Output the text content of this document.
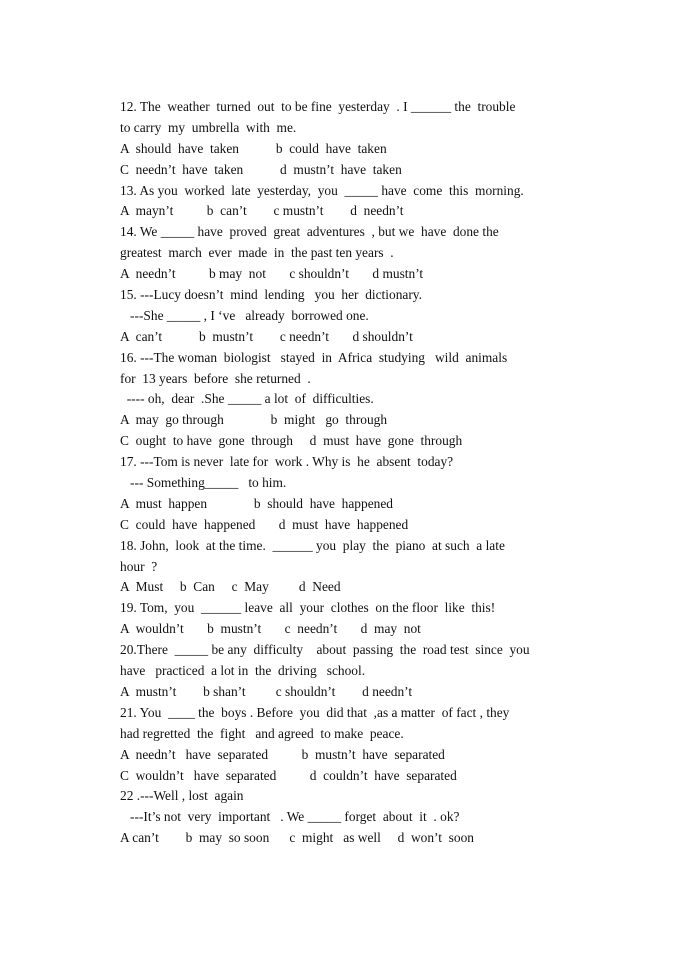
12. The  weather  turned  out  to be fine  yesterday  . I ______ the  trouble
to carry  my  umbrella  with  me.
A  should  have  taken           b  could  have  taken
C  needn’t  have  taken           d  mustn’t  have  taken
13. As you  worked  late  yesterday,  you  _____ have  come  this  morning.
A  mayn’t          b  can’t        c mustn’t        d  needn’t
14. We _____ have  proved  great  adventures  , but we  have  done the
greatest  march  ever  made  in  the past ten years  .
A  needn’t          b may  not       c shouldn’t       d mustn’t
15. ---Lucy doesn’t  mind  lending   you  her  dictionary.
---She _____ , I ‘ve   already  borrowed one.
A  can’t           b  mustn’t        c needn’t       d shouldn’t
16. ---The woman  biologist   stayed  in  Africa  studying   wild  animals
for  13 years  before  she returned  .
---- oh,  dear  .She _____ a lot  of  difficulties.
A  may  go through              b  might   go  through
C  ought  to have  gone  through     d  must  have  gone  through
17. ---Tom is never  late for  work . Why is  he  absent  today?
--- Something_____   to him.
A  must  happen              b  should  have  happened
C  could  have  happened       d  must  have  happened
18. John,  look  at the time.  ______ you  play  the  piano  at such  a late
hour  ?
A  Must     b  Can     c  May         d  Need
19. Tom,  you  ______ leave  all  your  clothes  on the floor  like  this!
A  wouldn’t       b  mustn’t       c  needn’t       d  may  not
20.There  _____ be any  difficulty    about  passing  the  road test  since  you
have   practiced  a lot in  the  driving   school.
A  mustn’t        b shan’t         c shouldn’t        d needn’t
21. You  ____ the  boys . Before  you  did that  ,as a matter  of fact , they
had regretted  the  fight   and agreed  to make  peace.
A  needn’t   have  separated          b  mustn’t  have  separated
C  wouldn’t   have  separated          d  couldn’t  have  separated
22 .---Well , lost  again
---It’s not  very  important   . We _____ forget  about  it  . ok?
A can’t        b  may  so soon      c  might   as well     d  won’t  soon
